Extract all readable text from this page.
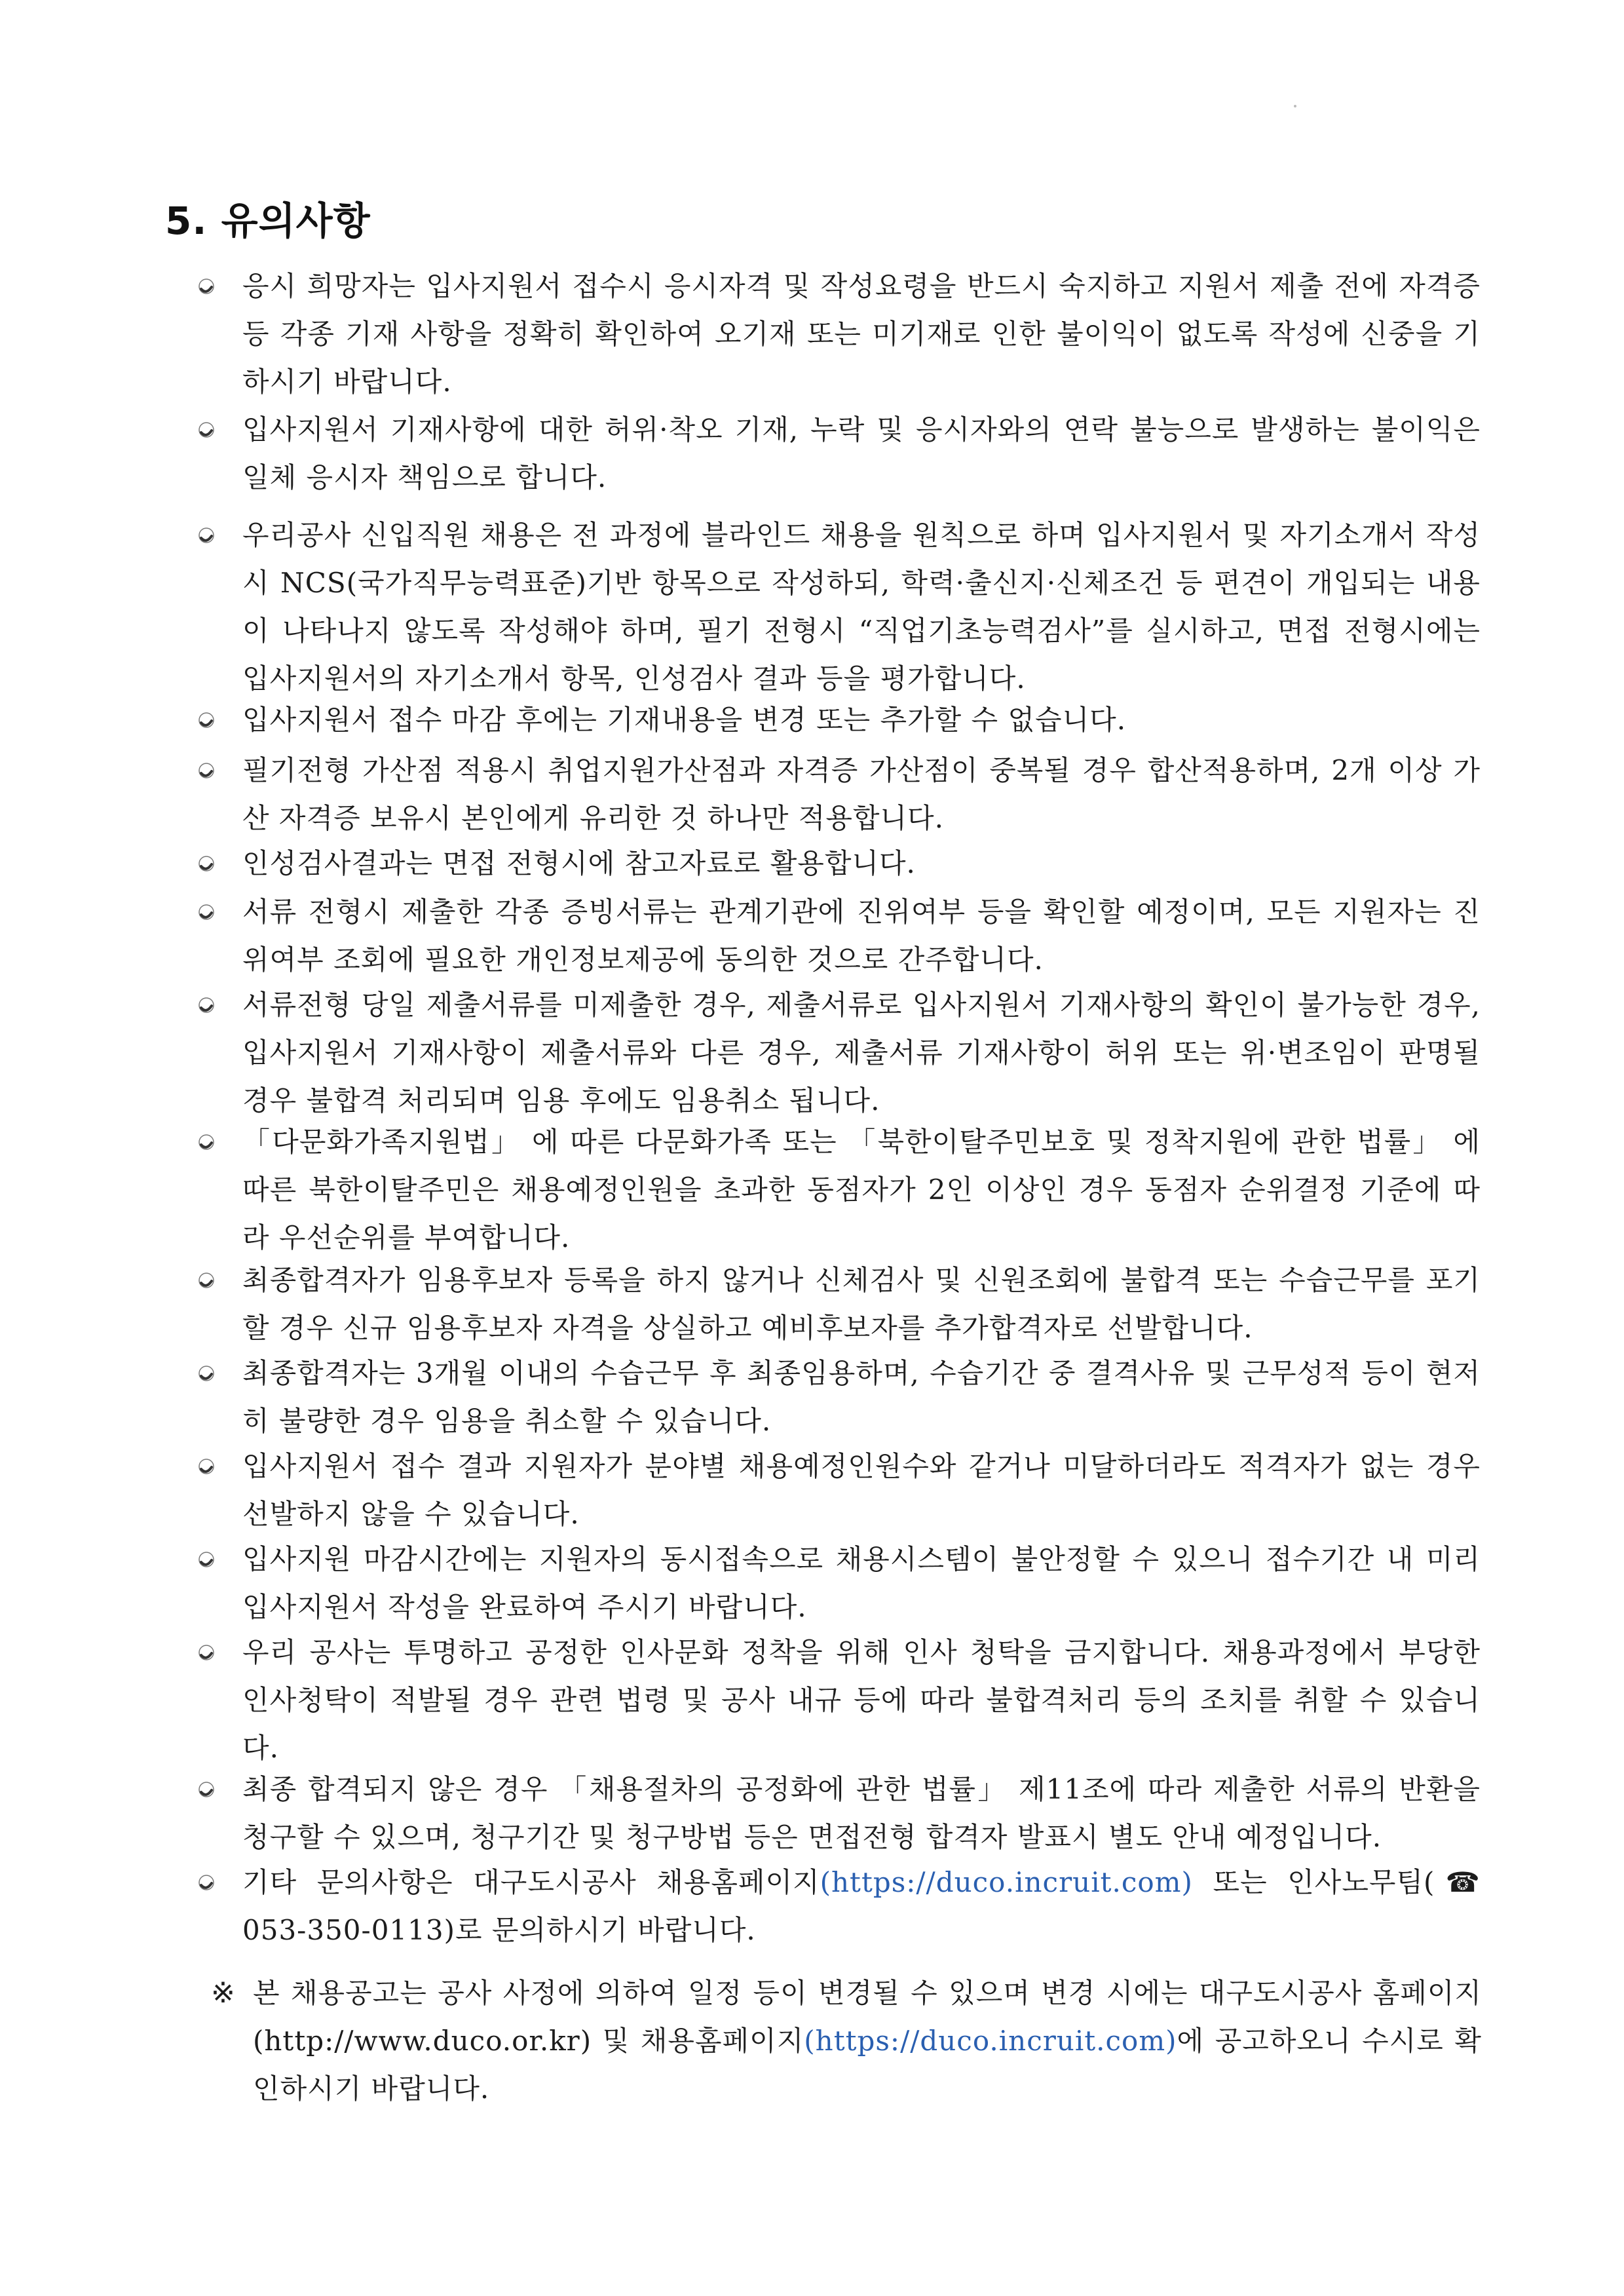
5. 유의사항
응시 희망자는 입사지원서 접수시 응시자격 및 작성요령을 반드시 숙지하고 지원서 제출 전에 자격증 등 각종 기재 사항을 정확히 확인하여 오기재 또는 미기재로 인한 불이익이 없도록 작성에 신중을 기하시기 바랍니다.
입사지원서 기재사항에 대한 허위·착오 기재, 누락 및 응시자와의 연락 불능으로 발생하는 불이익은 일체 응시자 책임으로 합니다.
우리공사 신입직원 채용은 전 과정에 블라인드 채용을 원칙으로 하며 입사지원서 및 자기소개서 작성시 NCS(국가직무능력표준)기반 항목으로 작성하되, 학력·출신지·신체조건 등 편견이 개입되는 내용이 나타나지 않도록 작성해야 하며, 필기 전형시 “직업기초능력검사”를 실시하고, 면접 전형시에는 입사지원서의 자기소개서 항목, 인성검사 결과 등을 평가합니다.
입사지원서 접수 마감 후에는 기재내용을 변경 또는 추가할 수 없습니다.
필기전형 가산점 적용시 취업지원가산점과 자격증 가산점이 중복될 경우 합산적용하며, 2개 이상 가산 자격증 보유시 본인에게 유리한 것 하나만 적용합니다.
인성검사결과는 면접 전형시에 참고자료로 활용합니다.
서류 전형시 제출한 각종 증빙서류는 관계기관에 진위여부 등을 확인할 예정이며, 모든 지원자는 진위여부 조회에 필요한 개인정보제공에 동의한 것으로 간주합니다.
서류전형 당일 제출서류를 미제출한 경우, 제출서류로 입사지원서 기재사항의 확인이 불가능한 경우, 입사지원서 기재사항이 제출서류와 다른 경우, 제출서류 기재사항이 허위 또는 위·변조임이 판명될 경우 불합격 처리되며 임용 후에도 임용취소 됩니다.
「다문화가족지원법」 에 따른 다문화가족 또는 「북한이탈주민보호 및 정착지원에 관한 법률」 에 따른 북한이탈주민은 채용예정인원을 초과한 동점자가 2인 이상인 경우 동점자 순위결정 기준에 따라 우선순위를 부여합니다.
최종합격자가 임용후보자 등록을 하지 않거나 신체검사 및 신원조회에 불합격 또는 수습근무를 포기할 경우 신규 임용후보자 자격을 상실하고 예비후보자를 추가합격자로 선발합니다.
최종합격자는 3개월 이내의 수습근무 후 최종임용하며, 수습기간 중 결격사유 및 근무성적 등이 현저히 불량한 경우 임용을 취소할 수 있습니다.
입사지원서 접수 결과 지원자가 분야별 채용예정인원수와 같거나 미달하더라도 적격자가 없는 경우 선발하지 않을 수 있습니다.
입사지원 마감시간에는 지원자의 동시접속으로 채용시스템이 불안정할 수 있으니 접수기간 내 미리 입사지원서 작성을 완료하여 주시기 바랍니다.
우리 공사는 투명하고 공정한 인사문화 정착을 위해 인사 청탁을 금지합니다. 채용과정에서 부당한 인사청탁이 적발될 경우 관련 법령 및 공사 내규 등에 따라 불합격처리 등의 조치를 취할 수 있습니다.
최종 합격되지 않은 경우 「채용절차의 공정화에 관한 법률」 제11조에 따라 제출한 서류의 반환을 청구할 수 있으며, 청구기간 및 청구방법 등은 면접전형 합격자 발표시 별도 안내 예정입니다.
기타 문의사항은 대구도시공사 채용홈페이지(https://duco.incruit.com) 또는 인사노무팀(☎ 053-350-0113)로 문의하시기 바랍니다.
※ 본 채용공고는 공사 사정에 의하여 일정 등이 변경될 수 있으며 변경 시에는 대구도시공사 홈페이지(http://www.duco.or.kr) 및 채용홈페이지(https://duco.incruit.com)에 공고하오니 수시로 확인하시기 바랍니다.
